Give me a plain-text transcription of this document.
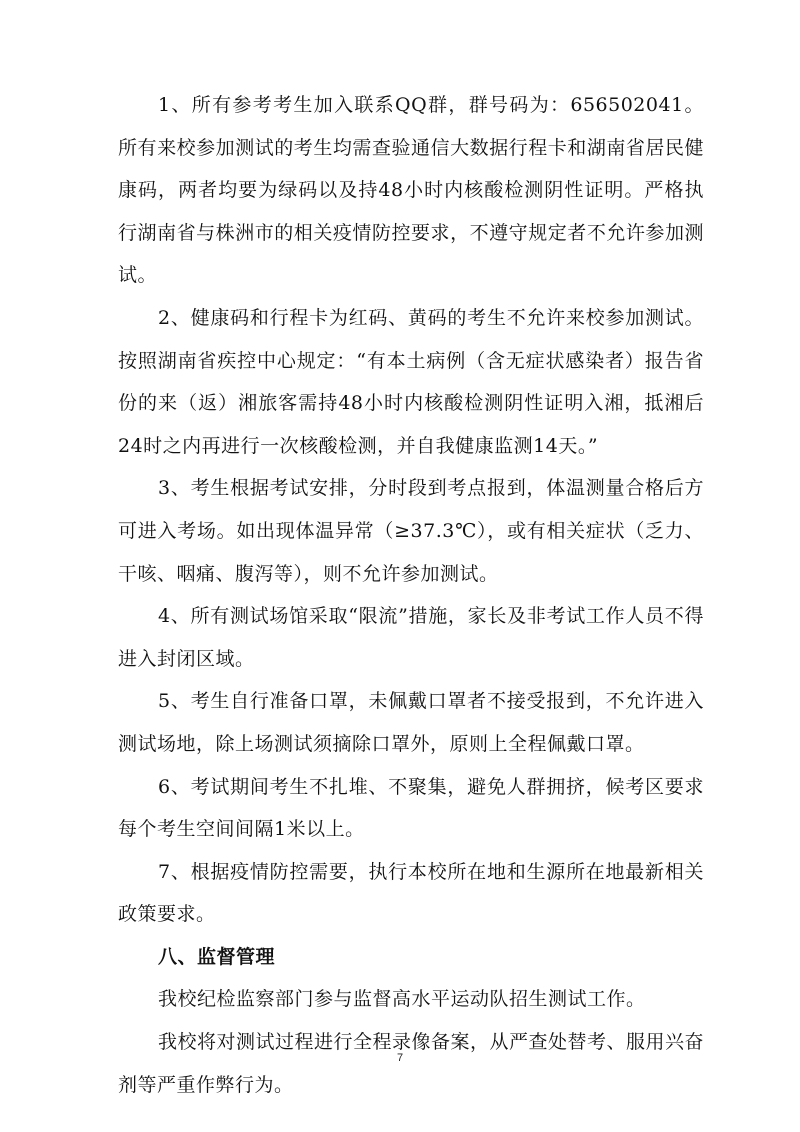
1、所有参考考生加入联系QQ群，群号码为：656502041。所有来校参加测试的考生均需查验通信大数据行程卡和湖南省居民健康码，两者均要为绿码以及持48小时内核酸检测阴性证明。严格执行湖南省与株洲市的相关疫情防控要求，不遵守规定者不允许参加测试。

2、健康码和行程卡为红码、黄码的考生不允许来校参加测试。按照湖南省疾控中心规定：“有本土病例（含无症状感染者）报告省份的来（返）湘旅客需持48小时内核酸检测阴性证明入湘，抵湘后24时之内再进行一次核酸检测，并自我健康监测14天。”

3、考生根据考试安排，分时段到考点报到，体温测量合格后方可进入考场。如出现体温异常（≥37.3℃），或有相关症状（乏力、干咳、咽痛、腹泻等），则不允许参加测试。

4、所有测试场馆采取“限流”措施，家长及非考试工作人员不得进入封闭区域。

5、考生自行准备口罩，未佩戴口罩者不接受报到，不允许进入测试场地，除上场测试须摘除口罩外，原则上全程佩戴口罩。

6、考试期间考生不扎堆、不聚集，避免人群拥挤，候考区要求每个考生空间间隔1米以上。

7、根据疫情防控需要，执行本校所在地和生源所在地最新相关政策要求。

八、监督管理

我校纪检监察部门参与监督高水平运动队招生测试工作。

我校将对测试过程进行全程录像备案，从严查处替考、服用兴奋剂等严重作弊行为。

7
